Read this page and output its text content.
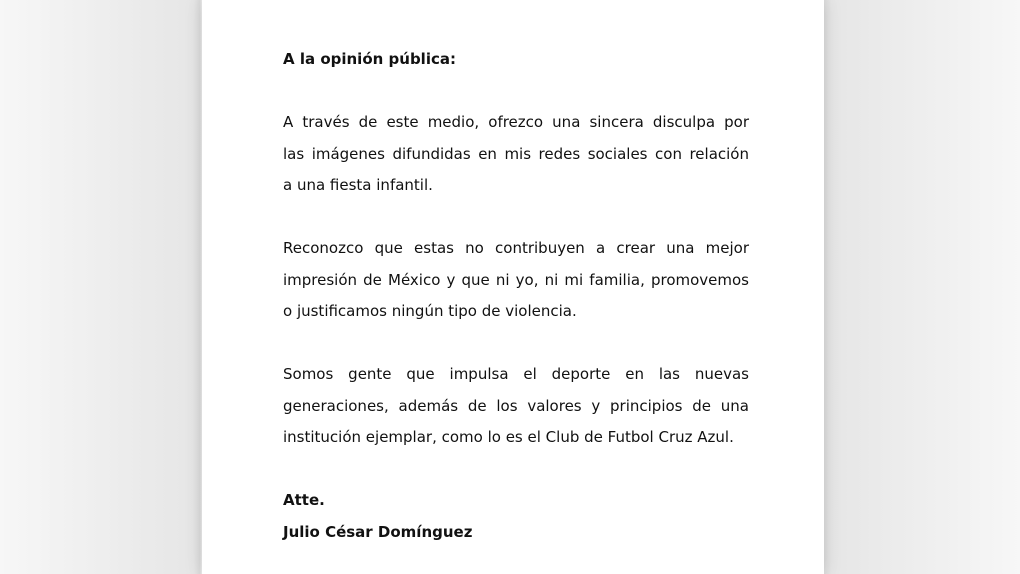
A la opinión pública:

A través de este medio, ofrezco una sincera disculpa por
las imágenes difundidas en mis redes sociales con relación
a una fiesta infantil.
Reconozco que estas no contribuyen a crear una mejor
impresión de México y que ni yo, ni mi familia, promovemos
o justificamos ningún tipo de violencia.
Somos gente que impulsa el deporte en las nuevas
generaciones, además de los valores y principios de una
institución ejemplar, como lo es el Club de Futbol Cruz Azul.

Atte.

Julio César Domínguez
